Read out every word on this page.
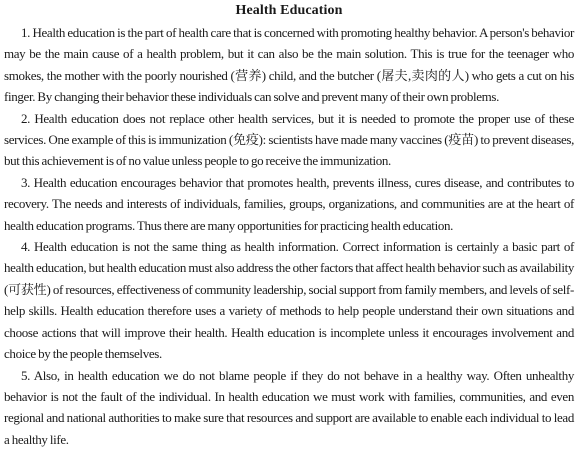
Health Education

1. Health education is the part of health care that is concerned with promoting healthy behavior. A person's behavior may be the main cause of a health problem, but it can also be the main solution. This is true for the teenager who smokes, the mother with the poorly nourished (营养) child, and the butcher (屠夫,卖肉的人) who gets a cut on his finger. By changing their behavior these individuals can solve and prevent many of their own problems.

2. Health education does not replace other health services, but it is needed to promote the proper use of these services. One example of this is immunization (免疫): scientists have made many vaccines (疫苗) to prevent diseases, but this achievement is of no value unless people to go receive the immunization.

3. Health education encourages behavior that promotes health, prevents illness, cures disease, and contributes to recovery. The needs and interests of individuals, families, groups, organizations, and communities are at the heart of health education programs. Thus there are many opportunities for practicing health education.

4. Health education is not the same thing as health information. Correct information is certainly a basic part of health education, but health education must also address the other factors that affect health behavior such as availability (可获性) of resources, effectiveness of community leadership, social support from family members, and levels of self-help skills. Health education therefore uses a variety of methods to help people understand their own situations and choose actions that will improve their health. Health education is incomplete unless it encourages involvement and choice by the people themselves.

5. Also, in health education we do not blame people if they do not behave in a healthy way. Often unhealthy behavior is not the fault of the individual. In health education we must work with families, communities, and even regional and national authorities to make sure that resources and support are available to enable each individual to lead a healthy life.
